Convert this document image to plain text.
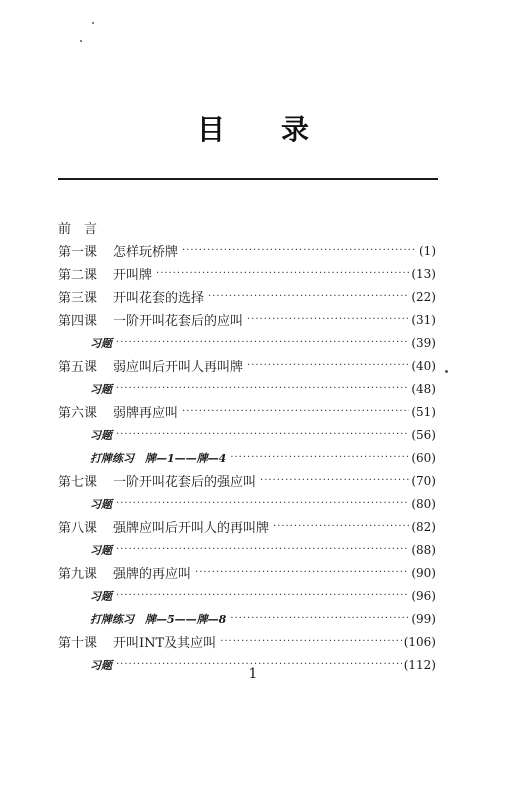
目 录
前　言
第一课	怎样玩桥牌 ·····	(1)
第二课	开叫牌 ·····	(13)
第三课	开叫花套的选择 ·····	(22)
第四课	一阶开叫花套后的应叫 ·····	(31)
习题 ·····	(39)
第五课	弱应叫后开叫人再叫牌 ·····	(40)
习题 ·····	(48)
第六课	弱牌再应叫 ·····	(51)
习题 ·····	(56)
打牌练习　牌—1——牌—4 ·····	(60)
第七课	一阶开叫花套后的强应叫 ·····	(70)
习题 ·····	(80)
第八课	强牌应叫后开叫人的再叫牌 ·····	(82)
习题 ·····	(88)
第九课	强牌的再应叫 ·····	(90)
习题 ·····	(96)
打牌练习　牌—5——牌—8 ·····	(99)
第十课	开叫INT及其应叫 ·····	(106)
习题 ·····	(112)
1
